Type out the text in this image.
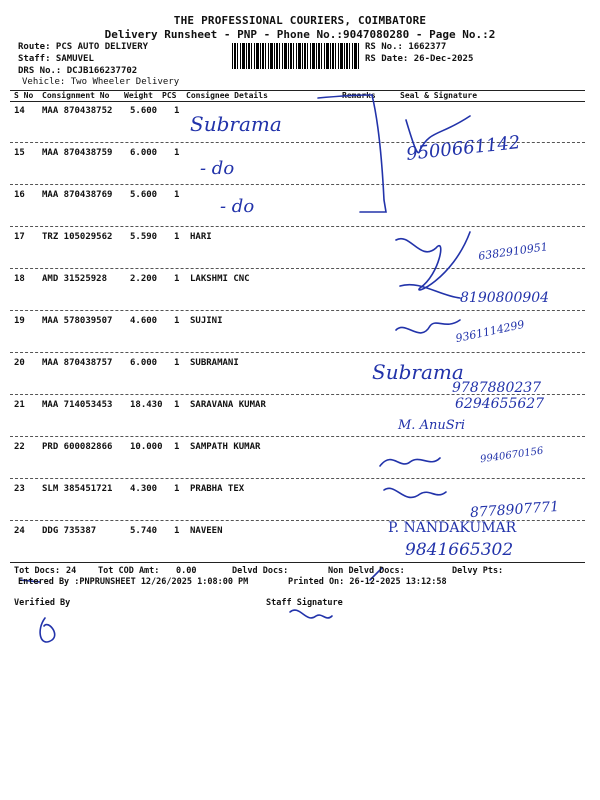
THE PROFESSIONAL COURIERS, COIMBATORE
Delivery Runsheet - PNP - Phone No.:9047080280 - Page No.:2
Route: PCS AUTO DELIVERY
Staff: SAMUVEL
DRS No.: DCJB166237702
Vehicle: Two Wheeler Delivery
RS No.: 1662377
RS Date: 26-Dec-2025
S No Consignment No Weight PCS Consignee Details	Remarks	Seal & Signature
14 MAA 870438752 5.600 1
15 MAA 870438759 6.000 1
16 MAA 870438769 5.600 1
17 TRZ 105029562 5.590 1 HARI
18 AMD 31525928	2.200 1 LAKSHMI CNC
19 MAA 578039507 4.600 1 SUJINI
20 MAA 870438757 6.000 1 SUBRAMANI
21 MAA 714053453 18.430 1 SARAVANA KUMAR
22 PRD 600082866 10.000 1 SAMPATH KUMAR
23 SLM 385451721 4.300 1 PRABHA TEX
24 DDG 735387	5.740 1 NAVEEN
Subrama
- do
- do
9500661142
6382910951
8190800904
9361114299
Subrama
9787880237
6294655627
M. AnuSri
9940670156
8778907771
P. NANDAKUMAR
9841665302
Tot Docs: 24	Tot COD Amt: 0.00	Delvd Docs:	Non Delvd Docs:	Delvy Pts:
Entered By :PNPRUNSHEET 12/26/2025 1:08:00 PM	Printed On: 26-12-2025 13:12:58
Verified By	Staff Signature
